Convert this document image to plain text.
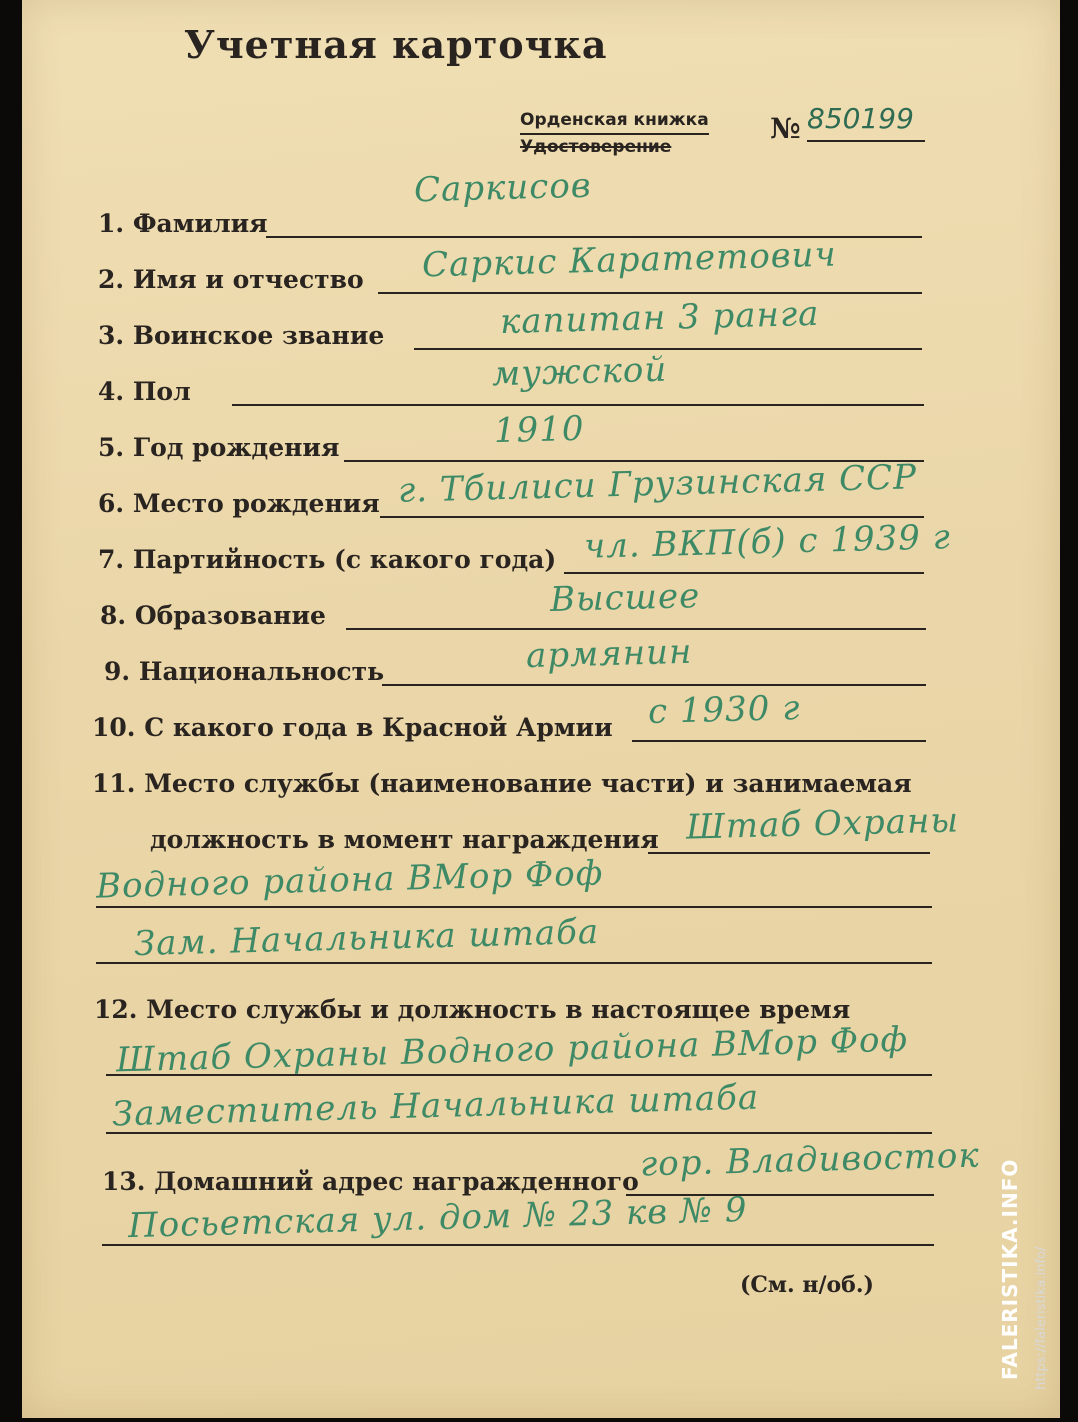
Учетная карточка
Орденская книжка
Удостоверение
№ 850199
1. Фамилия
Саркисов
2. Имя и отчество Саркис Каратетович
3. Воинское звание	капитан 3 ранга
4. Пол	мужской
5. Год рождения	1910
6. Место рождения г. Тбилиси Грузинская ССР
7. Партийность (с какого года) чл. ВКП(б) с 1939 г
8. Образование	Высшее
9. Национальность	армянин
10. С какого года в Красной Армии с 1930 г
11. Место службы (наименование части) и занимаемая
должность в момент награждения Штаб Охраны
Водного района ВМор Фоф
Зам. Начальника штаба
12. Место службы и должность в настоящее время
Штаб Охраны Водного района ВМор Фоф
Заместитель Начальника штаба
13. Домашний адрес награжденного гор. Владивосток
Посьетская ул. дом № 23 кв № 9
(См. н/об.)	FALERISTIKA.INFO https://faleristika.info/
